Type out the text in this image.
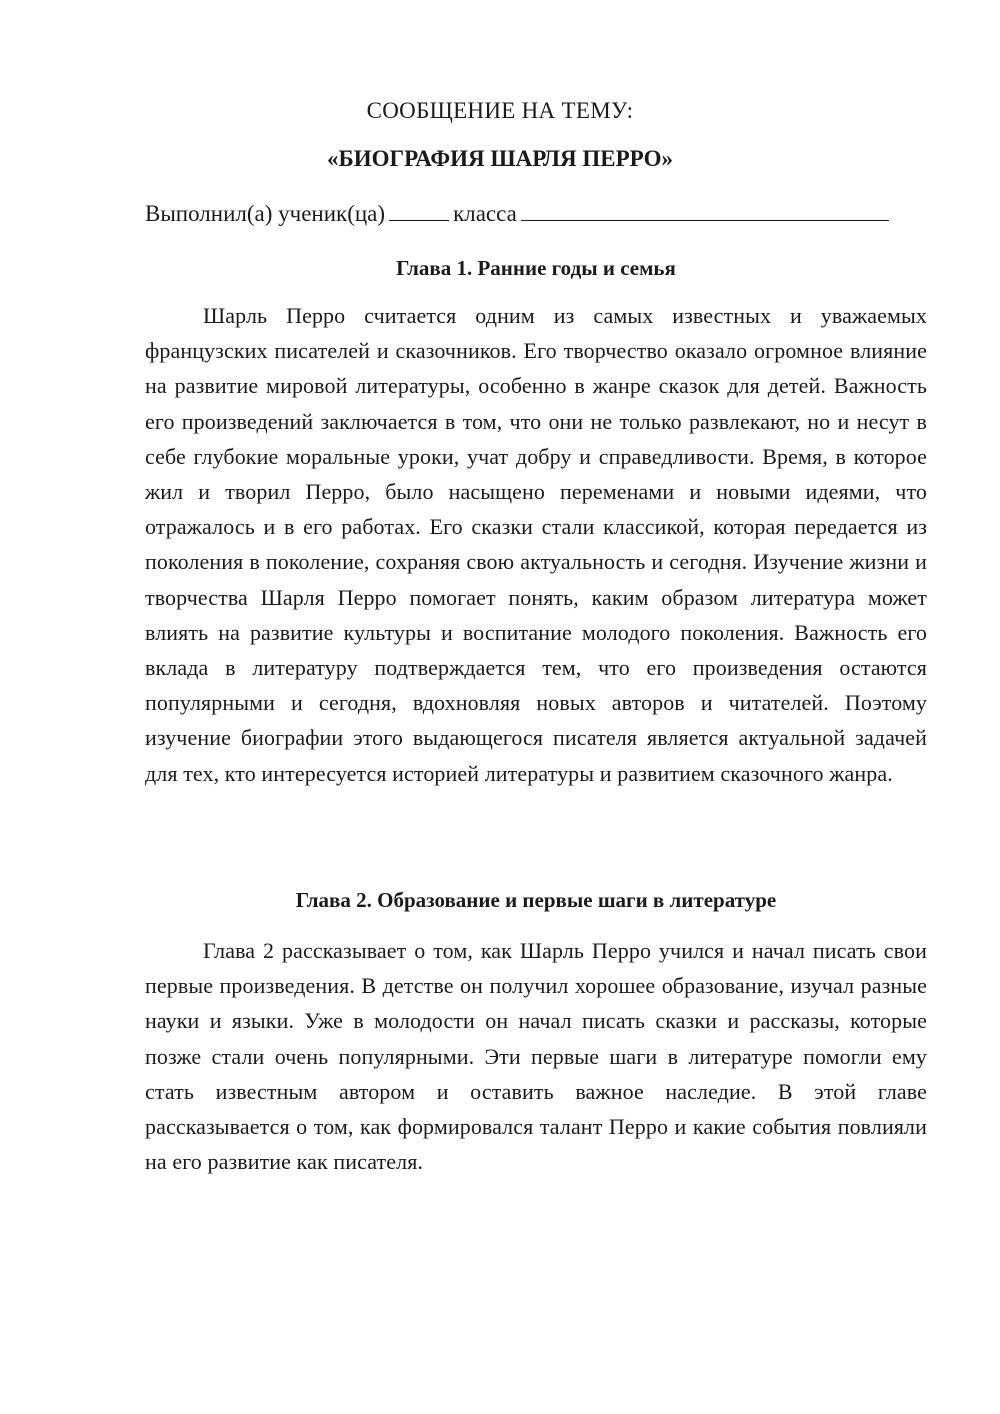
СООБЩЕНИЕ НА ТЕМУ:
«БИОГРАФИЯ ШАРЛЯ ПЕРРО»
Выполнил(а) ученик(ца)	класса
Глава 1. Ранние годы и семья

Шарль Перро считается одним из самых известных и уважаемых французских писателей и сказочников. Его творчество оказало огромное влияние на развитие мировой литературы, особенно в жанре сказок для детей. Важность его произведений заключается в том, что они не только развлекают, но и несут в себе глубокие моральные уроки, учат добру и справедливости. Время, в которое жил и творил Перро, было насыщено переменами и новыми идеями, что отражалось и в его работах. Его сказки стали классикой, которая передается из поколения в поколение, сохраняя свою актуальность и сегодня. Изучение жизни и творчества Шарля Перро помогает понять, каким образом литература может влиять на развитие культуры и воспитание молодого поколения. Важность его вклада в литературу подтверждается тем, что его произведения остаются популярными и сегодня, вдохновляя новых авторов и читателей. Поэтому изучение биографии этого выдающегося писателя является актуальной задачей для тех, кто интересуется историей литературы и развитием сказочного жанра.

Глава 2. Образование и первые шаги в литературе

Глава 2 рассказывает о том, как Шарль Перро учился и начал писать свои первые произведения. В детстве он получил хорошее образование, изучал разные науки и языки. Уже в молодости он начал писать сказки и рассказы, которые позже стали очень популярными. Эти первые шаги в литературе помогли ему стать известным автором и оставить важное наследие. В этой главе рассказывается о том, как формировался талант Перро и какие события повлияли на его развитие как писателя.
